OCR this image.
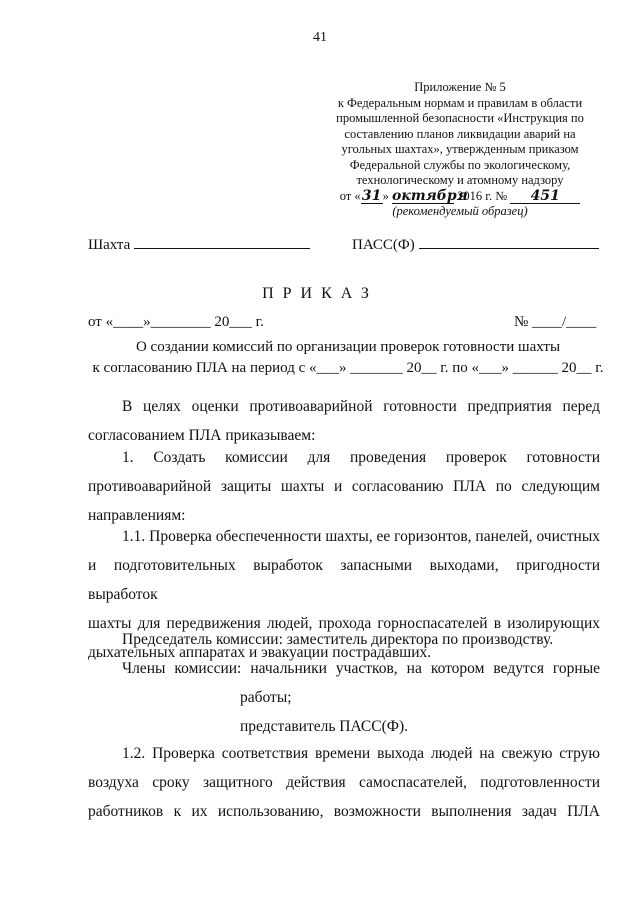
41
Приложение № 5
к Федеральным нормам и правилам в области
промышленной безопасности «Инструкция по
составлению планов ликвидации аварий на
угольных шахтах», утвержденным приказом
Федеральной службы по экологическому,
технологическому и атомному надзору
от «31» октября 2016 г. № 451
(рекомендуемый образец)
Шахта	ПАСС(Ф)
ПРИКАЗ
от «____»________ 20___ г.	№ ____/____
О создании комиссий по организации проверок готовности шахты
к согласованию ПЛА на период с «___» _______ 20__ г. по «___» ______ 20__ г.
В целях оценки противоаварийной готовности предприятия перед
согласованием ПЛА приказываем:
1. Создать комиссии для проведения проверок готовности
противоаварийной защиты шахты и согласованию ПЛА по следующим
направлениям:
1.1. Проверка обеспеченности шахты, ее горизонтов, панелей, очистных
и подготовительных выработок запасными выходами, пригодности выработок
шахты для передвижения людей, прохода горноспасателей в изолирующих
дыхательных аппаратах и эвакуации пострадавших.
Председатель комиссии: заместитель директора по производству.
Члены комиссии: начальники участков, на котором ведутся горные
работы;
представитель ПАСС(Ф).
1.2. Проверка соответствия времени выхода людей на свежую струю
воздуха сроку защитного действия самоспасателей, подготовленности
работников к их использованию, возможности выполнения задач ПЛА
